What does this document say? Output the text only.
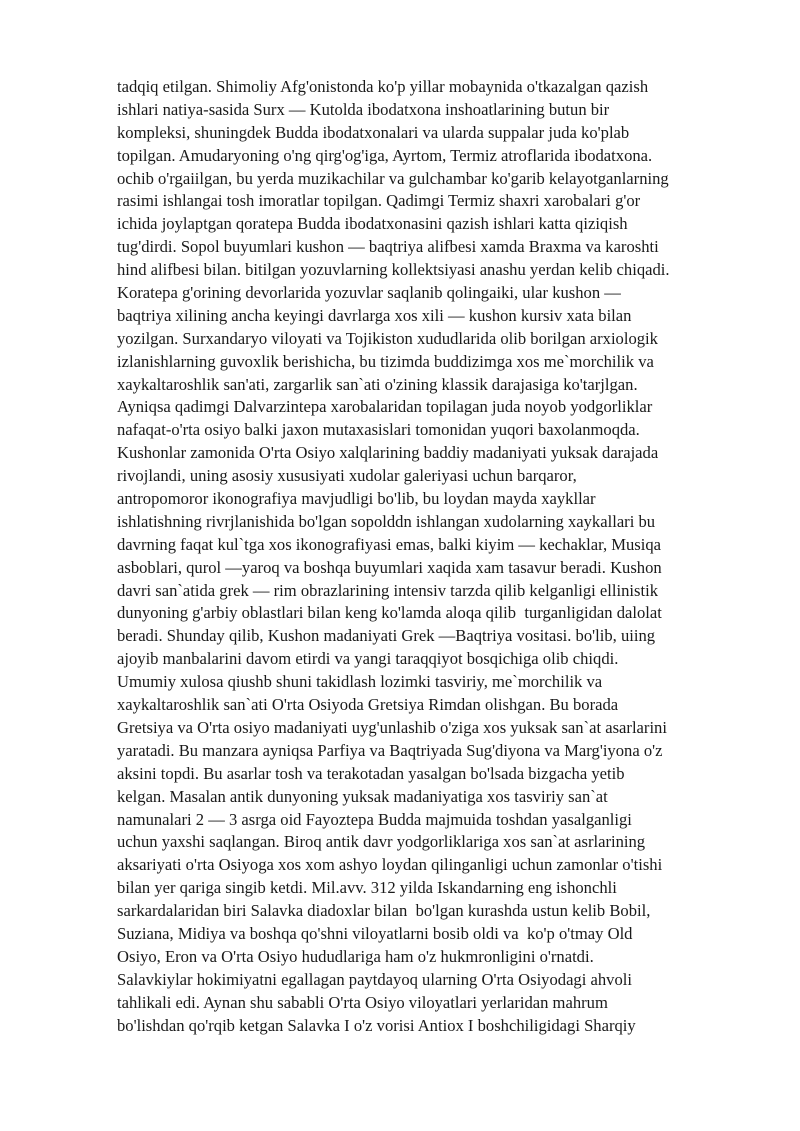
tadqiq etilgan. Shimoliy Afg'onistonda ko'p yillar mobaynida o'tkazalgan qazish
ishlari natiya-sasida Surx — Kutolda ibodatxona inshoatlarining butun bir
kompleksi, shuningdek Budda ibodatxonalari va ularda suppalar juda ko'plab
topilgan. Amudaryoning o'ng qirg'og'iga, Ayrtom, Termiz atroflarida ibodatxona.
ochib o'rgaiilgan, bu yerda muzikachilar va gulchambar ko'garib kelayotganlarning
rasimi ishlangai tosh imoratlar topilgan. Qadimgi Termiz shaxri xarobalari g'or
ichida joylaptgan qoratepa Budda ibodatxonasini qazish ishlari katta qiziqish
tug'dirdi. Sopol buyumlari kushon — baqtriya alifbesi xamda Braxma va karoshti
hind alifbesi bilan. bitilgan yozuvlarning kollektsiyasi anashu yerdan kelib chiqadi.
Koratepa g'orining devorlarida yozuvlar saqlanib qolingaiki, ular kushon —
baqtriya xilining ancha keyingi davrlarga xos xili — kushon kursiv xata bilan
yozilgan. Surxandaryo viloyati va Tojikiston xududlarida olib borilgan arxiologik
izlanishlarning guvoxlik berishicha, bu tizimda buddizimga xos me`morchilik va
xaykaltaroshlik san'ati, zargarlik san`ati o'zining klassik darajasiga ko'tarjlgan.
Ayniqsa qadimgi Dalvarzintepa xarobalaridan topilagan juda noyob yodgorliklar
nafaqat-o'rta osiyo balki jaxon mutaxasislari tomonidan yuqori baxolanmoqda.
Kushonlar zamonida O'rta Osiyo xalqlarining baddiy madaniyati yuksak darajada
rivojlandi, uning asosiy xususiyati xudolar galeriyasi uchun barqaror,
antropomoror ikonografiya mavjudligi bo'lib, bu loydan mayda xaykllar
ishlatishning rivrjlanishida bo'lgan sopolddn ishlangan xudolarning xaykallari bu
davrning faqat kul`tga xos ikonografiyasi emas, balki kiyim — kechaklar, Musiqa
asboblari, qurol —yaroq va boshqa buyumlari xaqida xam tasavur beradi. Kushon
davri san`atida grek — rim obrazlarining intensiv tarzda qilib kelganligi ellinistik
dunyoning g'arbiy oblastlari bilan keng ko'lamda aloqa qilib  turganligidan dalolat
beradi. Shunday qilib, Kushon madaniyati Grek —Baqtriya vositasi. bo'lib, uiing
ajoyib manbalarini davom etirdi va yangi taraqqiyot bosqichiga olib chiqdi.
Umumiy xulosa qiushb shuni takidlash lozimki tasviriy, me`morchilik va
xaykaltaroshlik san`ati O'rta Osiyoda Gretsiya Rimdan olishgan. Bu borada
Gretsiya va O'rta osiyo madaniyati uyg'unlashib o'ziga xos yuksak san`at asarlarini
yaratadi. Bu manzara ayniqsa Parfiya va Baqtriyada Sug'diyona va Marg'iyona o'z
aksini topdi. Bu asarlar tosh va terakotadan yasalgan bo'lsada bizgacha yetib
kelgan. Masalan antik dunyoning yuksak madaniyatiga xos tasviriy san`at
namunalari 2 — 3 asrga oid Fayoztepa Budda majmuida toshdan yasalganligi
uchun yaxshi saqlangan. Biroq antik davr yodgorliklariga xos san`at asrlarining
aksariyati o'rta Osiyoga xos xom ashyo loydan qilinganligi uchun zamonlar o'tishi
bilan yer qariga singib ketdi. Mil.avv. 312 yilda Iskandarning eng ishonchli
sarkardalaridan biri Salavka diadoxlar bilan  bo'lgan kurashda ustun kelib Bobil,
Suziana, Midiya va boshqa qo'shni viloyatlarni bosib oldi va  ko'p o'tmay Old
Osiyo, Eron va O'rta Osiyo hududlariga ham o'z hukmronligini o'rnatdi.
Salavkiylar hokimiyatni egallagan paytdayoq ularning O'rta Osiyodagi ahvoli
tahlikali edi. Aynan shu sababli O'rta Osiyo viloyatlari yerlaridan mahrum
bo'lishdan qo'rqib ketgan Salavka I o'z vorisi Antiox I boshchiligidagi Sharqiy
